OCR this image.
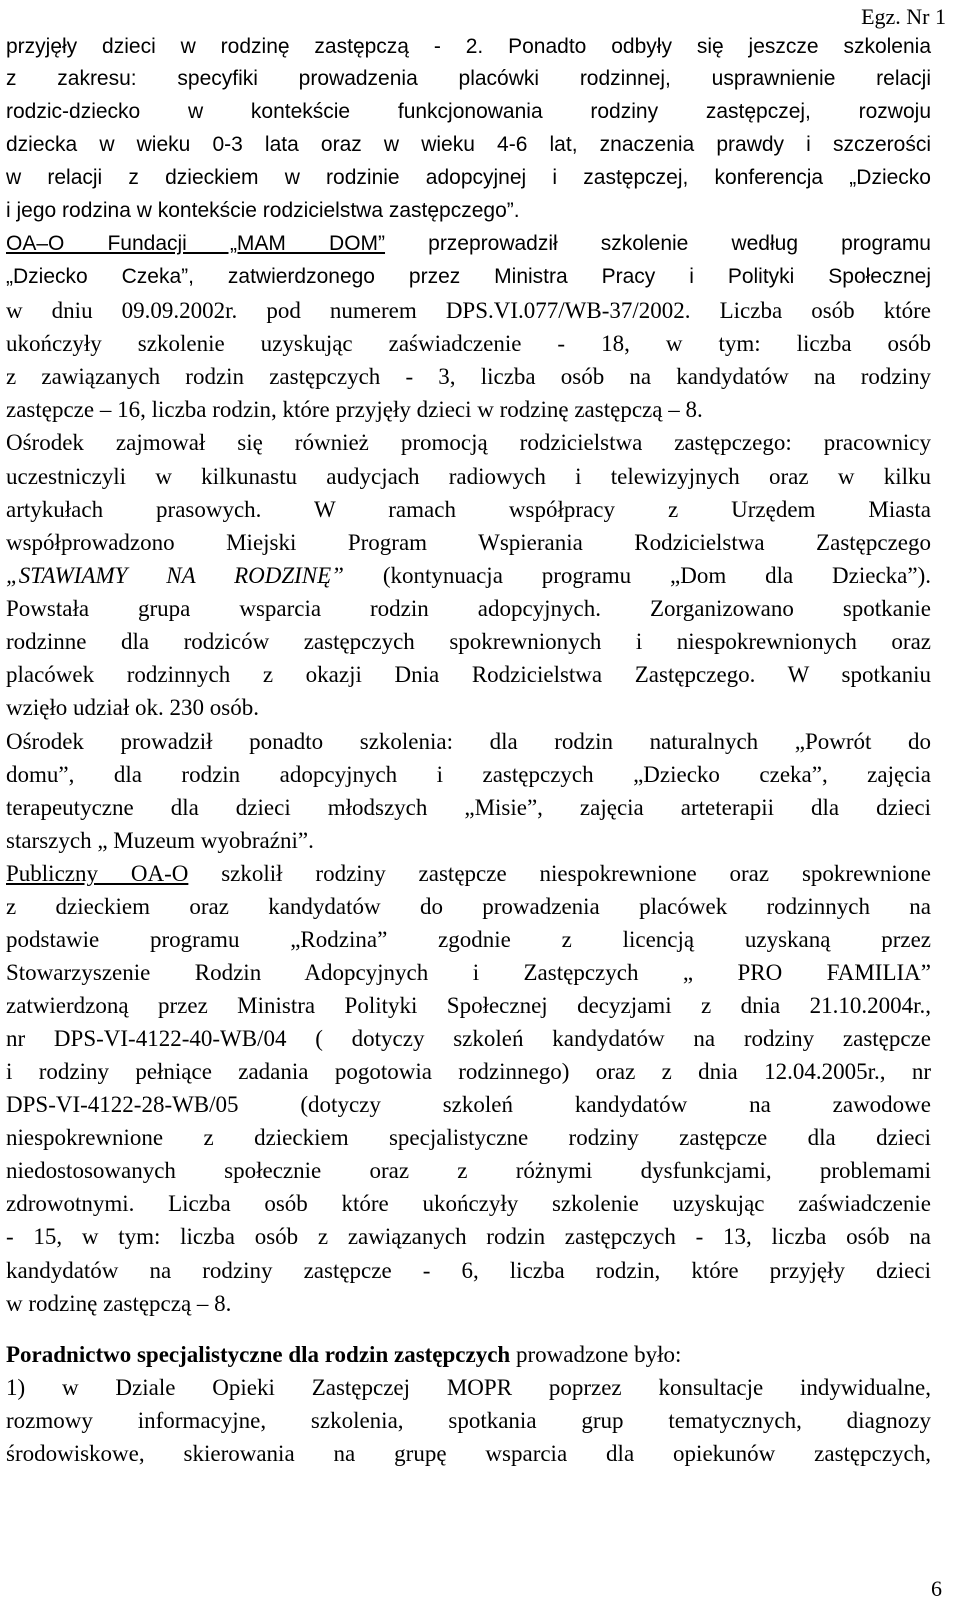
Egz. Nr 1
przyjęły dzieci w rodzinę zastępczą - 2. Ponadto odbyły się jeszcze szkolenia
z zakresu: specyfiki prowadzenia placówki rodzinnej, usprawnienie relacji
rodzic-dziecko w kontekście funkcjonowania rodziny zastępczej, rozwoju
dziecka w wieku 0-3 lata oraz w wieku 4-6 lat, znaczenia prawdy i szczerości
w relacji z dzieckiem w rodzinie adopcyjnej i zastępczej, konferencja „Dziecko
i jego rodzina w kontekście rodzicielstwa zastępczego”.
OA–O Fundacji „MAM DOM” przeprowadził szkolenie według programu
„Dziecko Czeka”, zatwierdzonego przez Ministra Pracy i Polityki Społecznej
w dniu 09.09.2002r. pod numerem DPS.VI.077/WB-37/2002. Liczba osób które
ukończyły szkolenie uzyskując zaświadczenie - 18, w tym: liczba osób
z zawiązanych rodzin zastępczych - 3, liczba osób na kandydatów na rodziny
zastępcze – 16, liczba rodzin, które przyjęły dzieci w rodzinę zastępczą – 8.
Ośrodek zajmował się również promocją rodzicielstwa zastępczego: pracownicy
uczestniczyli w kilkunastu audycjach radiowych i telewizyjnych oraz w kilku
artykułach prasowych. W ramach współpracy z Urzędem Miasta
współprowadzono Miejski Program Wspierania Rodzicielstwa Zastępczego
„STAWIAMY NA RODZINĘ” (kontynuacja programu „Dom dla Dziecka”).
Powstała grupa wsparcia rodzin adopcyjnych. Zorganizowano spotkanie
rodzinne dla rodziców zastępczych spokrewnionych i niespokrewnionych oraz
placówek rodzinnych z okazji Dnia Rodzicielstwa Zastępczego. W spotkaniu
wzięło udział ok. 230 osób.
Ośrodek prowadził ponadto szkolenia: dla rodzin naturalnych „Powrót do
domu”, dla rodzin adopcyjnych i zastępczych „Dziecko czeka”, zajęcia
terapeutyczne dla dzieci młodszych „Misie”, zajęcia arteterapii dla dzieci
starszych „ Muzeum wyobraźni”.
Publiczny OA-O szkolił rodziny zastępcze niespokrewnione oraz spokrewnione
z dzieckiem oraz kandydatów do prowadzenia placówek rodzinnych na
podstawie programu „Rodzina” zgodnie z licencją uzyskaną przez
Stowarzyszenie Rodzin Adopcyjnych i Zastępczych „ PRO FAMILIA”
zatwierdzoną przez Ministra Polityki Społecznej decyzjami z dnia 21.10.2004r.,
nr DPS-VI-4122-40-WB/04 ( dotyczy szkoleń kandydatów na rodziny zastępcze
i rodziny pełniące zadania pogotowia rodzinnego) oraz z dnia 12.04.2005r., nr
DPS-VI-4122-28-WB/05 (dotyczy szkoleń kandydatów na zawodowe
niespokrewnione z dzieckiem specjalistyczne rodziny zastępcze dla dzieci
niedostosowanych społecznie oraz z różnymi dysfunkcjami, problemami
zdrowotnymi. Liczba osób które ukończyły szkolenie uzyskując zaświadczenie
- 15, w tym: liczba osób z zawiązanych rodzin zastępczych - 13, liczba osób na
kandydatów na rodziny zastępcze - 6, liczba rodzin, które przyjęły dzieci
w rodzinę zastępczą – 8.
Poradnictwo specjalistyczne dla rodzin zastępczych prowadzone było:
1) w Dziale Opieki Zastępczej MOPR poprzez konsultacje indywidualne,
rozmowy informacyjne, szkolenia, spotkania grup tematycznych, diagnozy
środowiskowe, skierowania na grupę wsparcia dla opiekunów zastępczych,
6
